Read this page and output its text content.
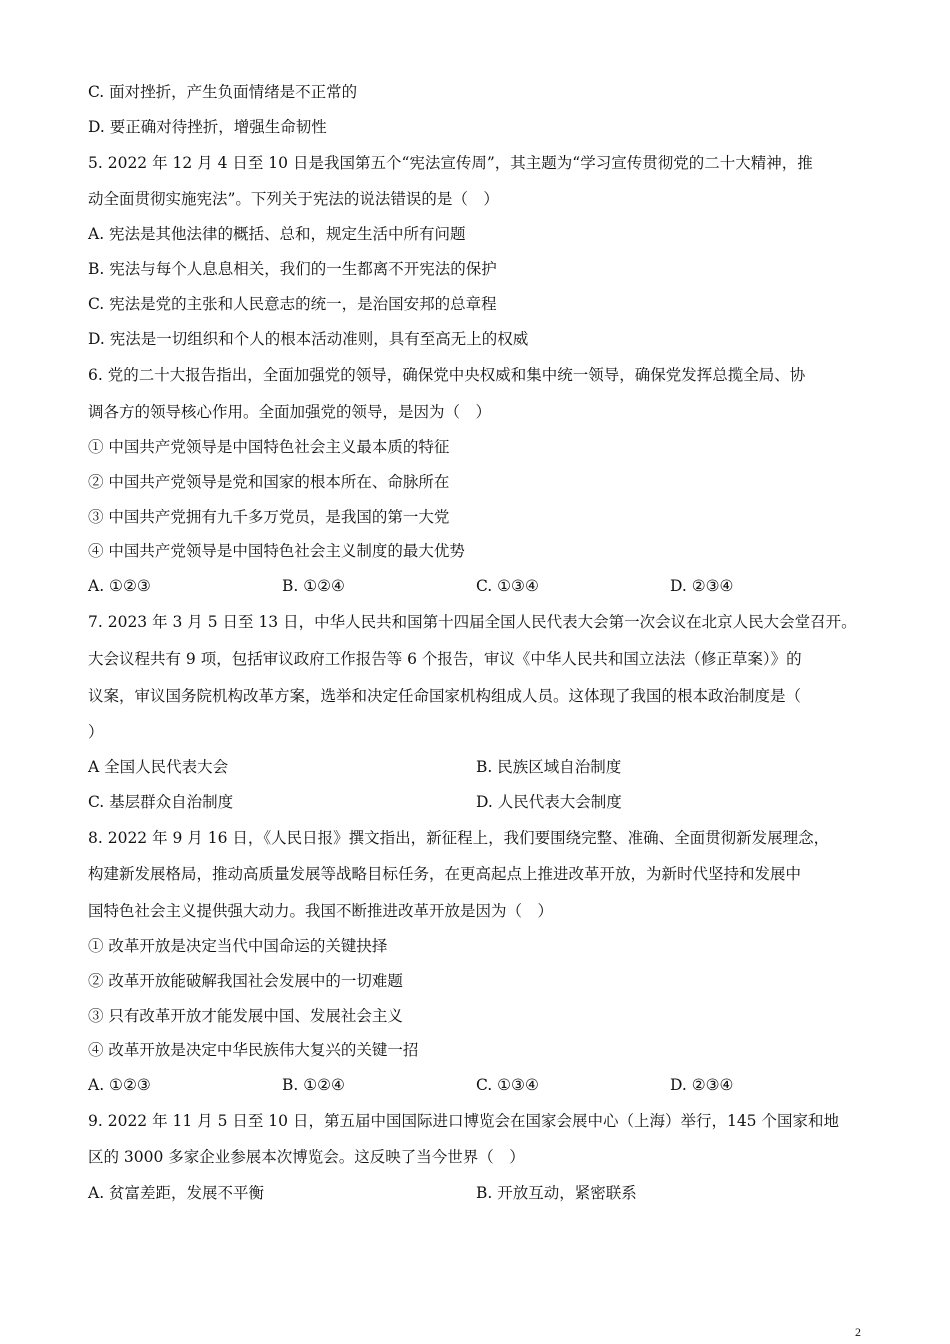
C. 面对挫折，产生负面情绪是不正常的
D. 要正确对待挫折，增强生命韧性
5. 2022 年 12 月 4 日至 10 日是我国第五个“宪法宣传周”，其主题为“学习宣传贯彻党的二十大精神，推
动全面贯彻实施宪法”。下列关于宪法的说法错误的是（　）
A. 宪法是其他法律的概括、总和，规定生活中所有问题
B. 宪法与每个人息息相关，我们的一生都离不开宪法的保护
C. 宪法是党的主张和人民意志的统一，是治国安邦的总章程
D. 宪法是一切组织和个人的根本活动准则，具有至高无上的权威
6. 党的二十大报告指出，全面加强党的领导，确保党中央权威和集中统一领导，确保党发挥总揽全局、协
调各方的领导核心作用。全面加强党的领导，是因为（　）
① 中国共产党领导是中国特色社会主义最本质的特征
② 中国共产党领导是党和国家的根本所在、命脉所在
③ 中国共产党拥有九千多万党员，是我国的第一大党
④ 中国共产党领导是中国特色社会主义制度的最大优势
A. ①②③	B. ①②④	C. ①③④	D. ②③④
7. 2023 年 3 月 5 日至 13 日，中华人民共和国第十四届全国人民代表大会第一次会议在北京人民大会堂召开。
大会议程共有 9 项，包括审议政府工作报告等 6 个报告，审议《中华人民共和国立法法（修正草案）》的
议案，审议国务院机构改革方案，选举和决定任命国家机构组成人员。这体现了我国的根本政治制度是（
）
A 全国人民代表大会	B. 民族区域自治制度
C. 基层群众自治制度	D. 人民代表大会制度
8. 2022 年 9 月 16 日，《人民日报》撰文指出，新征程上，我们要围绕完整、准确、全面贯彻新发展理念，
构建新发展格局，推动高质量发展等战略目标任务，在更高起点上推进改革开放，为新时代坚持和发展中
国特色社会主义提供强大动力。我国不断推进改革开放是因为（　）
① 改革开放是决定当代中国命运的关键抉择
② 改革开放能破解我国社会发展中的一切难题
③ 只有改革开放才能发展中国、发展社会主义
④ 改革开放是决定中华民族伟大复兴的关键一招
A. ①②③	B. ①②④	C. ①③④	D. ②③④
9. 2022 年 11 月 5 日至 10 日，第五届中国国际进口博览会在国家会展中心（上海）举行，145 个国家和地
区的 3000 多家企业参展本次博览会。这反映了当今世界（　）
A. 贫富差距，发展不平衡	B. 开放互动，紧密联系
2
